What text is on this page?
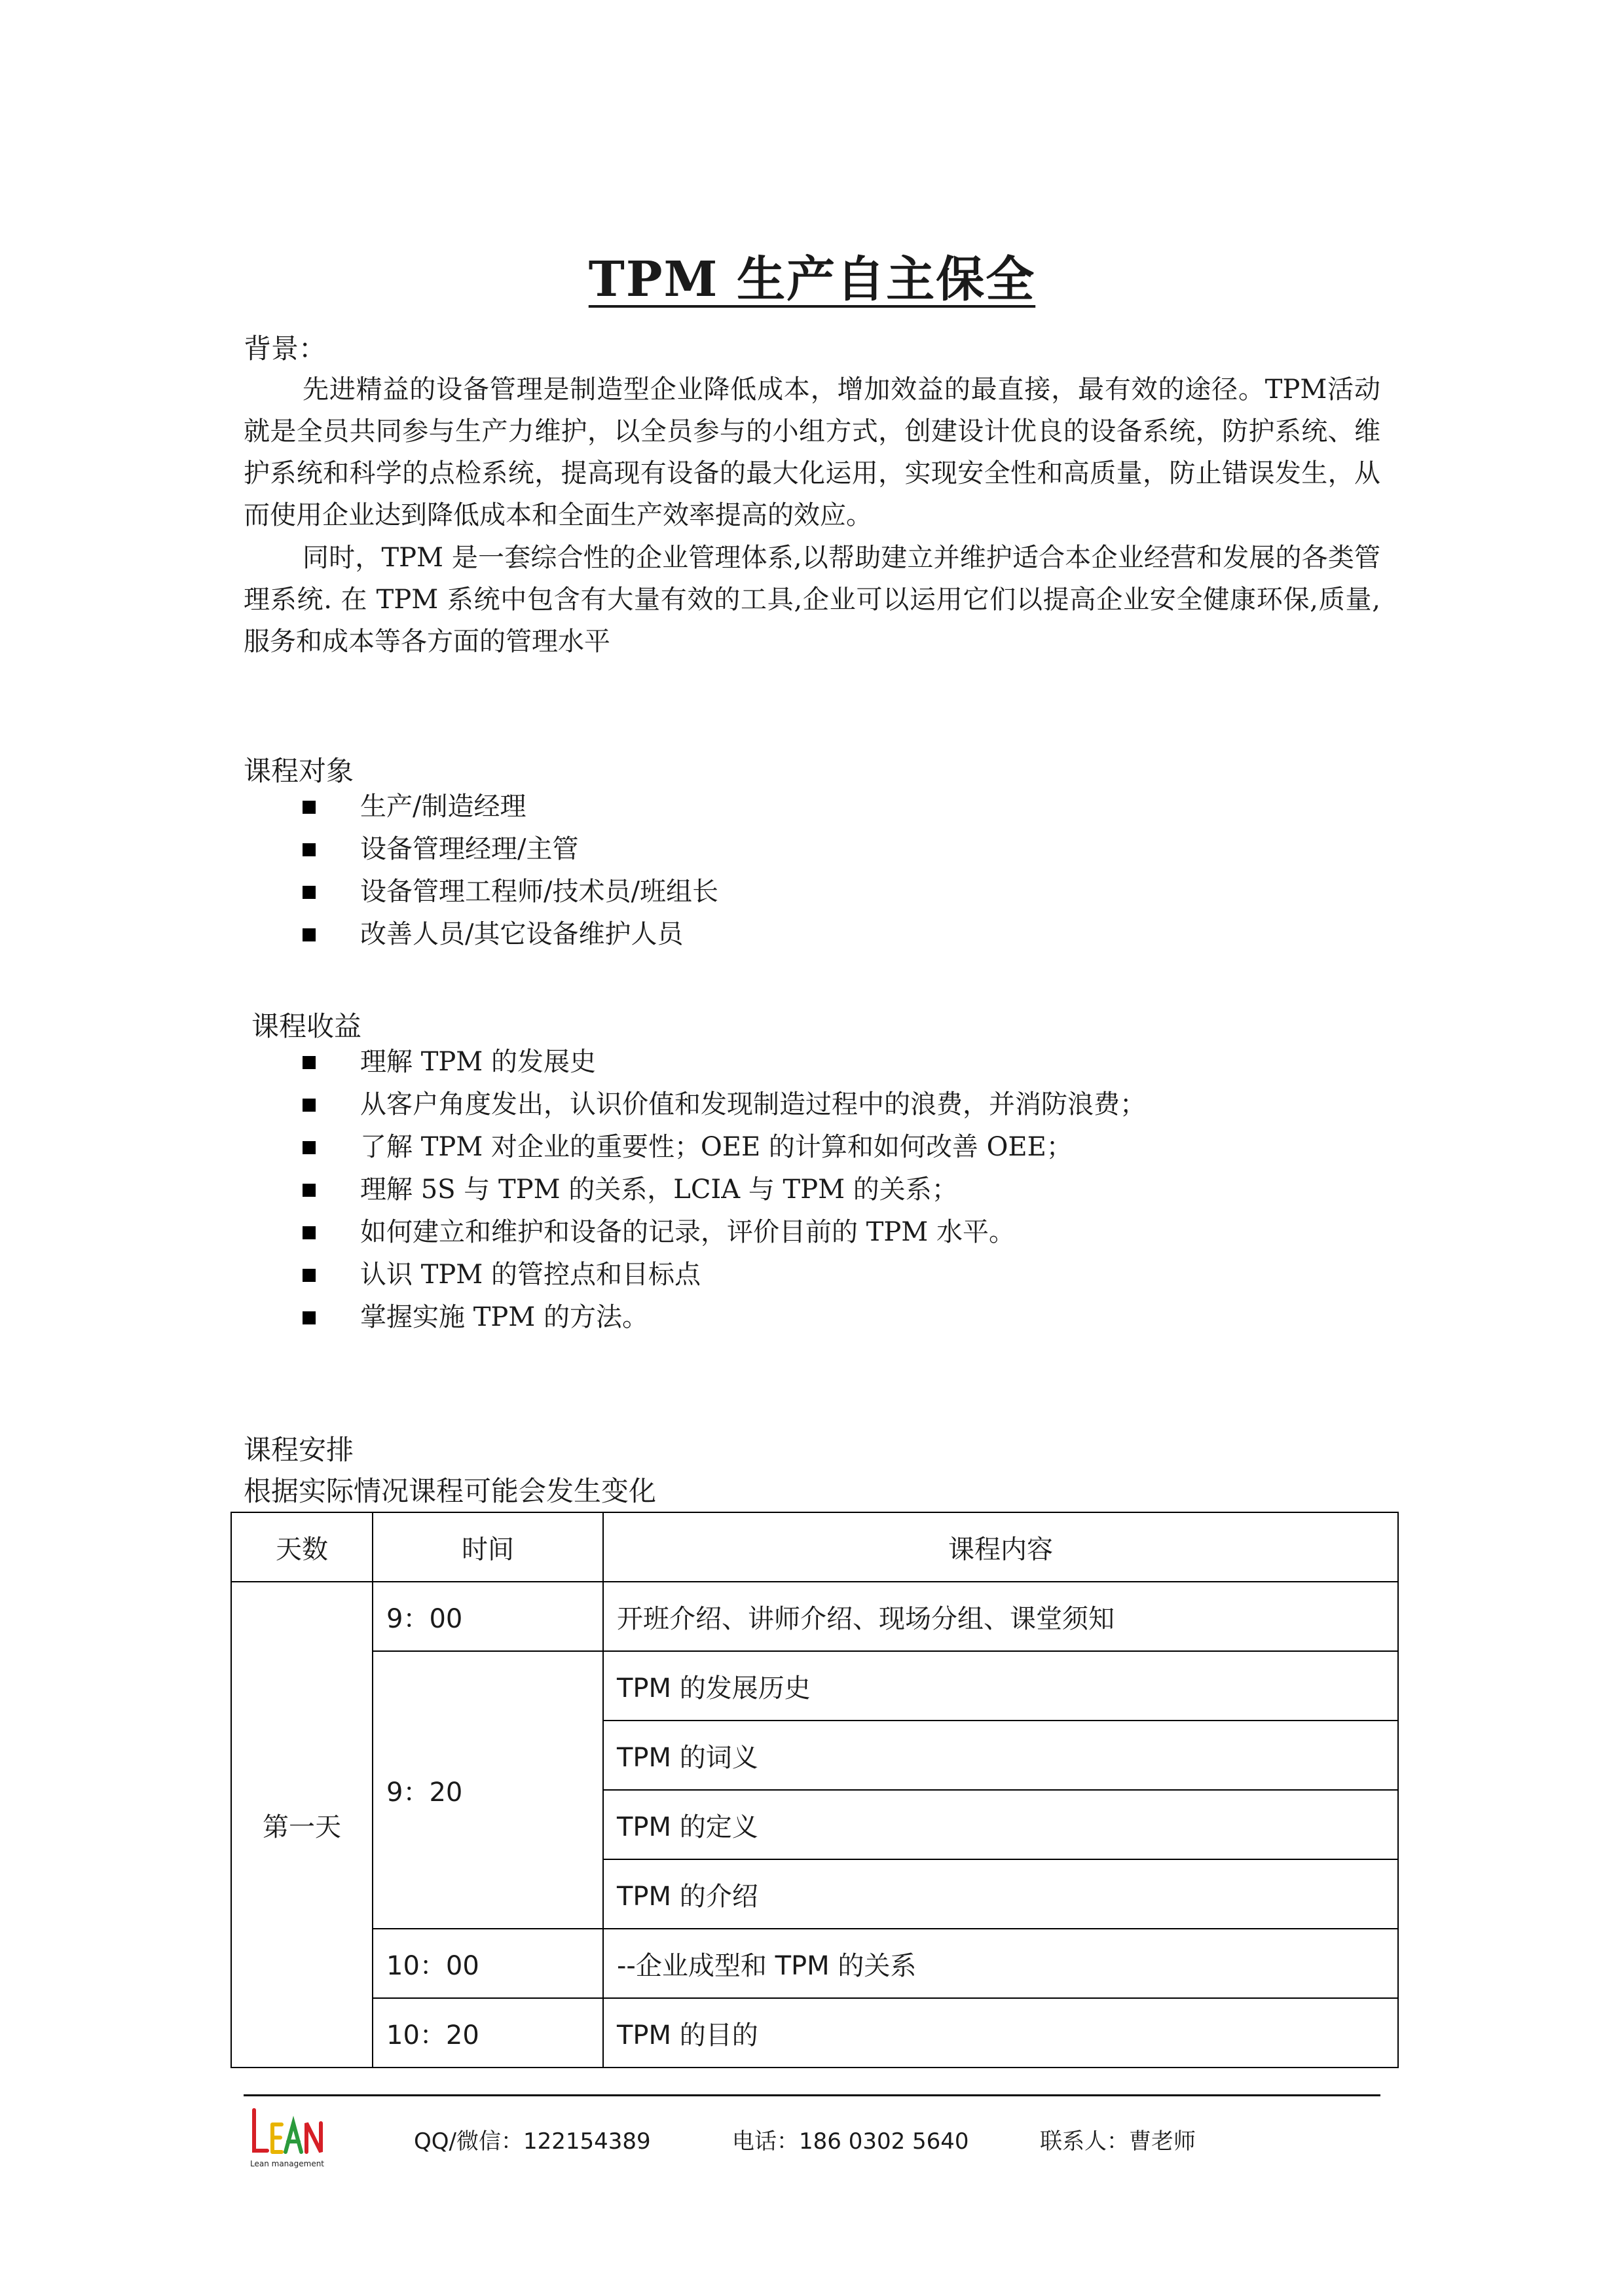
TPM 生产自主保全
背景：

先进精益的设备管理是制造型企业降低成本，增加效益的最直接，最有效的途径。TPM活动就是全员共同参与生产力维护，以全员参与的小组方式，创建设计优良的设备系统，防护系统、维护系统和科学的点检系统，提高现有设备的最大化运用，实现安全性和高质量，防止错误发生，从而使用企业达到降低成本和全面生产效率提高的效应。

同时，TPM 是一套综合性的企业管理体系,以帮助建立并维护适合本企业经营和发展的各类管理系统. 在 TPM 系统中包含有大量有效的工具,企业可以运用它们以提高企业安全健康环保,质量,服务和成本等各方面的管理水平

课程对象
生产/制造经理
设备管理经理/主管
设备管理工程师/技术员/班组长
改善人员/其它设备维护人员
课程收益
理解 TPM 的发展史
从客户角度发出，认识价值和发现制造过程中的浪费，并消防浪费；
了解 TPM 对企业的重要性；OEE 的计算和如何改善 OEE；
理解 5S 与 TPM 的关系，LCIA 与 TPM 的关系；
如何建立和维护和设备的记录，评价目前的 TPM 水平。
认识 TPM 的管控点和目标点
掌握实施 TPM 的方法。
课程安排

根据实际情况课程可能会发生变化

天数	时间	课程内容
第一天	9：00	开班介绍、讲师介绍、现场分组、课堂须知
	9：20	TPM 的发展历史
		TPM 的词义
		TPM 的定义
		TPM 的介绍
	10：00	--企业成型和 TPM 的关系
	10：20	TPM 的目的
Lean management
QQ/微信：122154389	电话：186 0302 5640	联系人：曹老师
